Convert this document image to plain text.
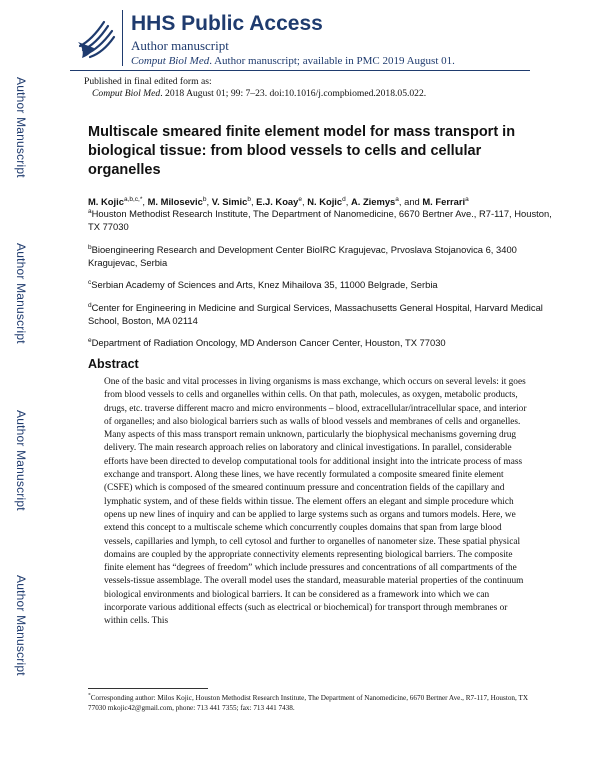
Author Manuscript
Author Manuscript
Author Manuscript
Author Manuscript
HHS Public Access
Author manuscript
Comput Biol Med. Author manuscript; available in PMC 2019 August 01.
Published in final edited form as:
Comput Biol Med. 2018 August 01; 99: 7–23. doi:10.1016/j.compbiomed.2018.05.022.
Multiscale smeared finite element model for mass transport in biological tissue: from blood vessels to cells and cellular organelles
M. Kojic$^{a,b,c,*}$, M. Milosevic$^b$, V. Simic$^b$, E.J. Koay$^e$, N. Kojic$^d$, A. Ziemys$^a$, and M. Ferrari$^a$
$^a$Houston Methodist Research Institute, The Department of Nanomedicine, 6670 Bertner Ave., R7-117, Houston, TX 77030
$^b$Bioengineering Research and Development Center BioIRC Kragujevac, Prvoslava Stojanovica 6, 3400 Kragujevac, Serbia
$^c$Serbian Academy of Sciences and Arts, Knez Mihailova 35, 11000 Belgrade, Serbia
$^d$Center for Engineering in Medicine and Surgical Services, Massachusetts General Hospital, Harvard Medical School, Boston, MA 02114
$^e$Department of Radiation Oncology, MD Anderson Cancer Center, Houston, TX 77030
Abstract
One of the basic and vital processes in living organisms is mass exchange, which occurs on several levels: it goes from blood vessels to cells and organelles within cells. On that path, molecules, as oxygen, metabolic products, drugs, etc. traverse different macro and micro environments – blood, extracellular/intracellular space, and interior of organelles; and also biological barriers such as walls of blood vessels and membranes of cells and organelles. Many aspects of this mass transport remain unknown, particularly the biophysical mechanisms governing drug delivery. The main research approach relies on laboratory and clinical investigations. In parallel, considerable efforts have been directed to develop computational tools for additional insight into the intricate process of mass exchange and transport. Along these lines, we have recently formulated a composite smeared finite element (CSFE) which is composed of the smeared continuum pressure and concentration fields of the capillary and lymphatic system, and of these fields within tissue. The element offers an elegant and simple procedure which opens up new lines of inquiry and can be applied to large systems such as organs and tumors models. Here, we extend this concept to a multiscale scheme which concurrently couples domains that span from large blood vessels, capillaries and lymph, to cell cytosol and further to organelles of nanometer size. These spatial physical domains are coupled by the appropriate connectivity elements representing biological barriers. The composite finite element has “degrees of freedom” which include pressures and concentrations of all compartments of the vessels-tissue assemblage. The overall model uses the standard, measurable material properties of the continuum biological environments and biological barriers. It can be considered as a framework into which we can incorporate various additional effects (such as electrical or biochemical) for transport through membranes or within cells. This
*Corresponding author: Milos Kojic, Houston Methodist Research Institute, The Department of Nanomedicine, 6670 Bertner Ave., R7-117, Houston, TX 77030 mkojic42@gmail.com, phone: 713 441 7355; fax: 713 441 7438.
